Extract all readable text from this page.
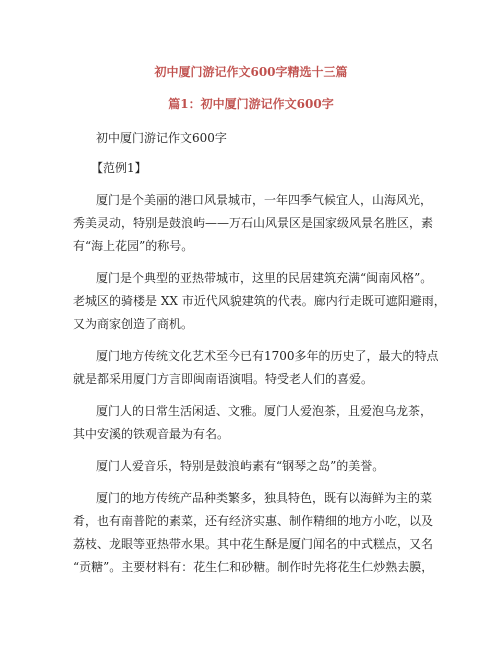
初中厦门游记作文600字精选十三篇
篇1：初中厦门游记作文600字
初中厦门游记作文600字
【范例1】
厦门是个美丽的港口风景城市，一年四季气候宜人，山海风光，
秀美灵动，特别是鼓浪屿——万石山风景区是国家级风景名胜区，素
有“海上花园”的称号。
厦门是个典型的亚热带城市，这里的民居建筑充满“闽南风格”。
老城区的骑楼是 XX 市近代风貌建筑的代表。廊内行走既可遮阳避雨，
又为商家创造了商机。
厦门地方传统文化艺术至今已有1700多年的历史了，最大的特点
就是都采用厦门方言即闽南语演唱。特受老人们的喜爱。
厦门人的日常生活闲适、文雅。厦门人爱泡茶，且爱泡乌龙茶，
其中安溪的铁观音最为有名。
厦门人爱音乐，特别是鼓浪屿素有“钢琴之岛”的美誉。
厦门的地方传统产品种类繁多，独具特色，既有以海鲜为主的菜
肴，也有南普陀的素菜，还有经济实惠、制作精细的地方小吃，以及
荔枝、龙眼等亚热带水果。其中花生酥是厦门闻名的中式糕点，又名
“贡糖”。主要材料有：花生仁和砂糖。制作时先将花生仁炒熟去膜，
